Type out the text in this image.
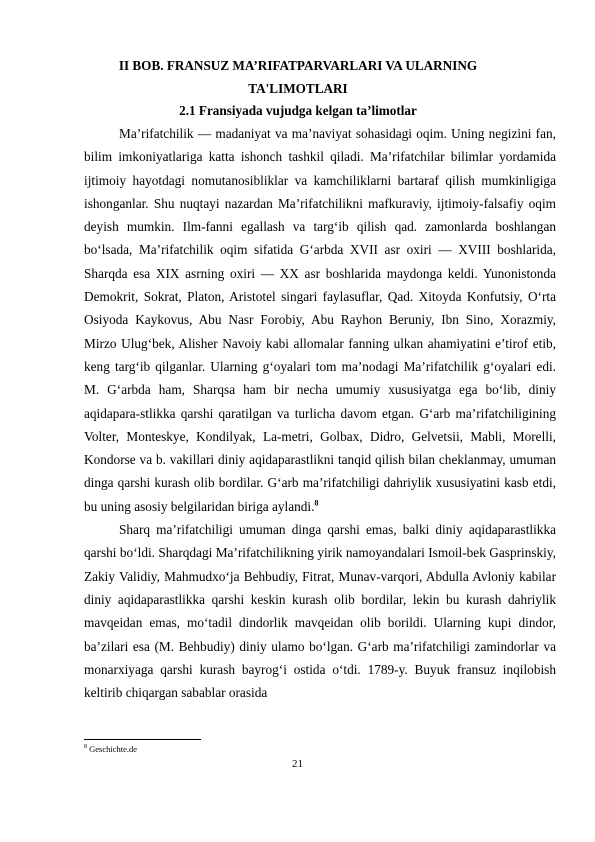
II BOB. FRANSUZ MA’RIFATPARVARLARI VA ULARNING
TA'LIMOTLARI
2.1 Fransiyada vujudga kelgan ta’limotlar

Ma’rifatchilik — madaniyat va ma’naviyat sohasidagi oqim. Uning negizini fan, bilim imkoniyatlariga katta ishonch tashkil qiladi. Ma’rifatchilar bilimlar yordamida ijtimoiy hayotdagi nomutanosibliklar va kamchiliklarni bartaraf qilish mumkinligiga ishonganlar. Shu nuqtayi nazardan Ma’rifatchilikni mafkuraviy, ijtimoiy-falsafiy oqim deyish mumkin. Ilm-fanni egallash va targ‘ib qilish qad. zamonlarda boshlangan bo‘lsada, Ma’rifatchilik oqim sifatida G‘arbda XVII asr oxiri — XVIII boshlarida, Sharqda esa XIX asrning oxiri — XX asr boshlarida maydonga keldi. Yunonistonda Demokrit, Sokrat, Platon, Aristotel singari faylasuflar, Qad. Xitoyda Konfutsiy, O‘rta Osiyoda Kaykovus, Abu Nasr Forobiy, Abu Rayhon Beruniy, Ibn Sino, Xorazmiy, Mirzo Ulug‘bek, Alisher Navoiy kabi allomalar fanning ulkan ahamiyatini e’tirof etib, keng targ‘ib qilganlar. Ularning g‘oyalari tom ma’nodagi Ma’rifatchilik g‘oyalari edi. M. G‘arbda ham, Sharqsa ham bir necha umumiy xususiyatga ega bo‘lib, diniy aqidapara-stlikka qarshi qaratilgan va turlicha davom etgan. G‘arb ma’rifatchiligining Volter, Monteskye, Kondilyak, La-metri, Golbax, Didro, Gelvetsii, Mabli, Morelli, Kondorse va b. vakillari diniy aqidaparastlikni tanqid qilish bilan cheklanmay, umuman dinga qarshi kurash olib bordilar. G‘arb ma’rifatchiligi dahriylik xususiyatini kasb etdi, bu uning asosiy belgilaridan biriga aylandi.$^8$

Sharq ma’rifatchiligi umuman dinga qarshi emas, balki diniy aqidaparastlikka qarshi bo‘ldi. Sharqdagi Ma’rifatchilikning yirik namoyandalari Ismoil-bek Gasprinskiy, Zakiy Validiy, Mahmudxo‘ja Behbudiy, Fitrat, Munav-varqori, Abdulla Avloniy kabilar diniy aqidaparastlikka qarshi keskin kurash olib bordilar, lekin bu kurash dahriylik mavqeidan emas, mo‘tadil dindorlik mavqeidan olib borildi. Ularning kupi dindor, ba’zilari esa (M. Behbudiy) diniy ulamo bo‘lgan. G‘arb ma’rifatchiligi zamindorlar va monarxiyaga qarshi kurash bayrog‘i ostida o‘tdi. 1789-y. Buyuk fransuz inqilobish keltirib chiqargan sabablar orasida

$^8$ Geschichte.de
21
